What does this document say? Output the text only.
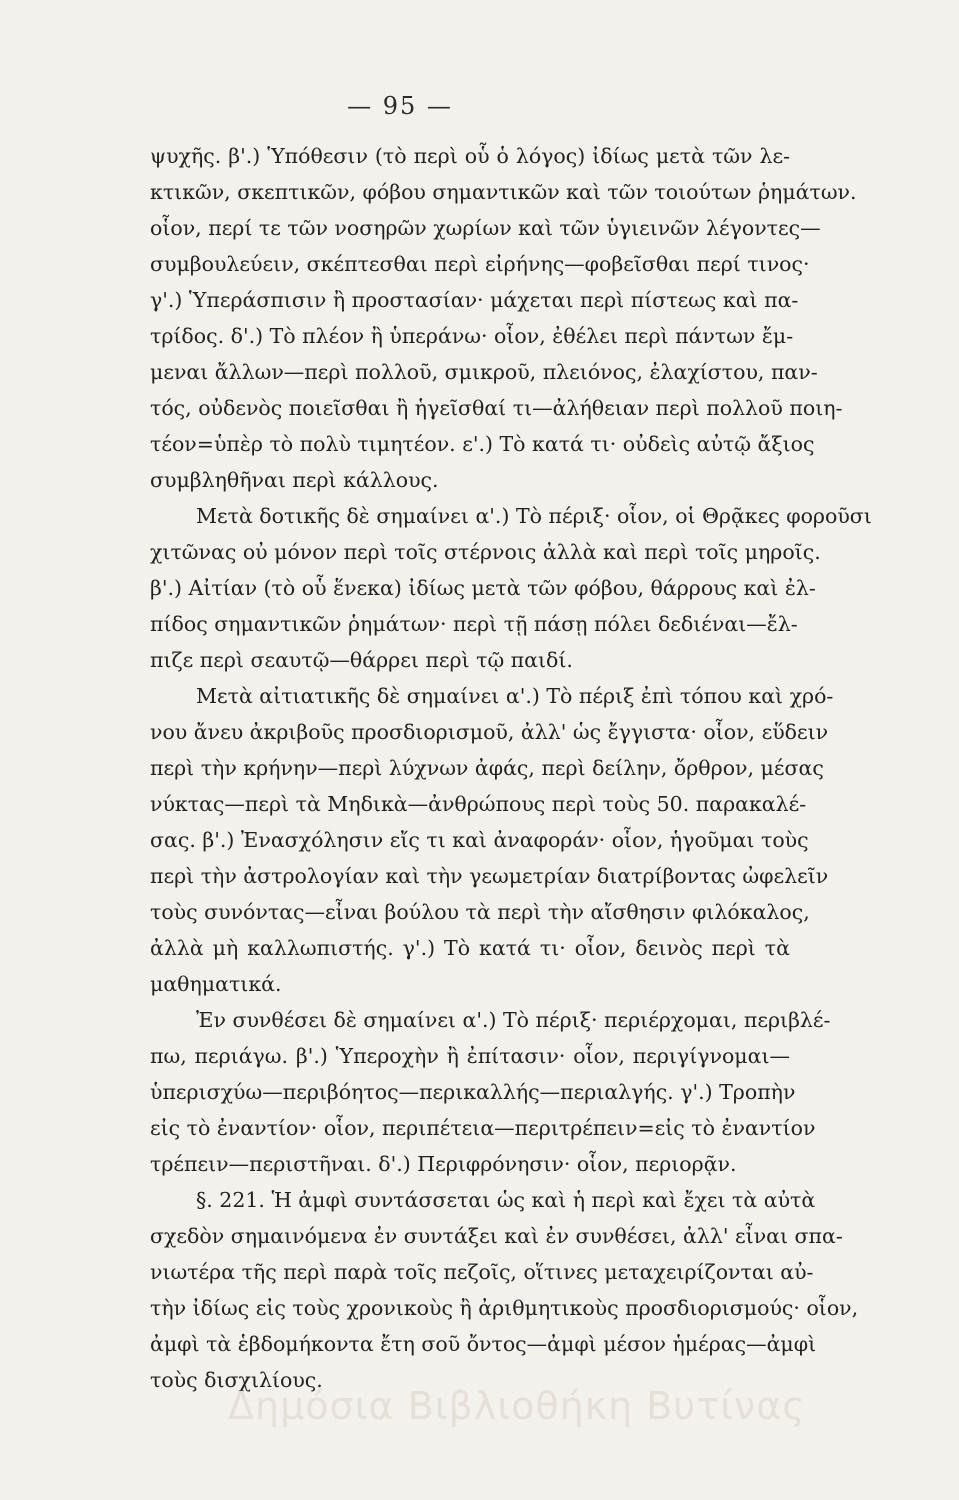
— 95 —
ψυχῆς. β'.) Ὑπόθεσιν (τὸ περὶ οὗ ὁ λόγος) ἰδίως μετὰ τῶν λε-
κτικῶν, σκεπτικῶν, φόβου σημαντικῶν καὶ τῶν τοιούτων ῥημάτων.
οἷον, περί τε τῶν νοσηρῶν χωρίων καὶ τῶν ὑγιεινῶν λέγοντες—
συμβουλεύειν, σκέπτεσθαι περὶ εἰρήνης—φοβεῖσθαι περί τινος·
γ'.) Ὑπεράσπισιν ἢ προστασίαν· μάχεται περὶ πίστεως καὶ πα-
τρίδος. δ'.) Τὸ πλέον ἢ ὑπεράνω· οἷον, ἐθέλει περὶ πάντων ἔμ-
μεναι ἄλλων—περὶ πολλοῦ, σμικροῦ, πλειόνος, ἐλαχίστου, παν-
τός, οὐδενὸς ποιεῖσθαι ἢ ἡγεῖσθαί τι—ἀλήθειαν περὶ πολλοῦ ποιη-
τέον=ὑπὲρ τὸ πολὺ τιμητέον. ε'.) Τὸ κατά τι· οὐδεὶς αὐτῷ ἄξιος
συμβληθῆναι περὶ κάλλους.
Μετὰ δοτικῆς δὲ σημαίνει α'.) Τὸ πέριξ· οἷον, οἱ Θρᾷκες φοροῦσι
χιτῶνας οὐ μόνον περὶ τοῖς στέρνοις ἀλλὰ καὶ περὶ τοῖς μηροῖς.
β'.) Αἰτίαν (τὸ οὗ ἕνεκα) ἰδίως μετὰ τῶν φόβου, θάρρους καὶ ἐλ-
πίδος σημαντικῶν ῥημάτων· περὶ τῇ πάσῃ πόλει δεδιέναι—ἔλ-
πιζε περὶ σεαυτῷ—θάρρει περὶ τῷ παιδί.
Μετὰ αἰτιατικῆς δὲ σημαίνει α'.) Τὸ πέριξ ἐπὶ τόπου καὶ χρό-
νου ἄνευ ἀκριβοῦς προσδιορισμοῦ, ἀλλ' ὡς ἔγγιστα· οἷον, εὕδειν
περὶ τὴν κρήνην—περὶ λύχνων ἀφάς, περὶ δείλην, ὄρθρον, μέσας
νύκτας—περὶ τὰ Μηδικὰ—ἀνθρώπους περὶ τοὺς 50. παρακαλέ-
σας. β'.) Ἐνασχόλησιν εἴς τι καὶ ἀναφοράν· οἷον, ἡγοῦμαι τοὺς
περὶ τὴν ἀστρολογίαν καὶ τὴν γεωμετρίαν διατρίβοντας ὠφελεῖν
τοὺς συνόντας—εἶναι βούλου τὰ περὶ τὴν αἴσθησιν φιλόκαλος,
ἀλλὰ μὴ καλλωπιστής. γ'.) Τὸ κατά τι· οἷον, δεινὸς περὶ τὰ
μαθηματικά.
Ἐν συνθέσει δὲ σημαίνει α'.) Τὸ πέριξ· περιέρχομαι, περιβλέ-
πω, περιάγω. β'.) Ὑπεροχὴν ἢ ἐπίτασιν· οἷον, περιγίγνομαι—
ὑπερισχύω—περιβόητος—περικαλλής—περιαλγής. γ'.) Τροπὴν
εἰς τὸ ἐναντίον· οἷον, περιπέτεια—περιτρέπειν=εἰς τὸ ἐναντίον
τρέπειν—περιστῆναι. δ'.) Περιφρόνησιν· οἷον, περιορᾷν.
§. 221. Ἡ ἀμφὶ συντάσσεται ὡς καὶ ἡ περὶ καὶ ἔχει τὰ αὐτὰ
σχεδὸν σημαινόμενα ἐν συντάξει καὶ ἐν συνθέσει, ἀλλ' εἶναι σπα-
νιωτέρα τῆς περὶ παρὰ τοῖς πεζοῖς, οἵτινες μεταχειρίζονται αὐ-
τὴν ἰδίως εἰς τοὺς χρονικοὺς ἢ ἀριθμητικοὺς προσδιορισμούς· οἷον,
ἀμφὶ τὰ ἑβδομήκοντα ἔτη σοῦ ὄντος—ἀμφὶ μέσον ἡμέρας—ἀμφὶ
τοὺς δισχιλίους.
Δημόσια Βιβλιοθήκη Βυτίνας
